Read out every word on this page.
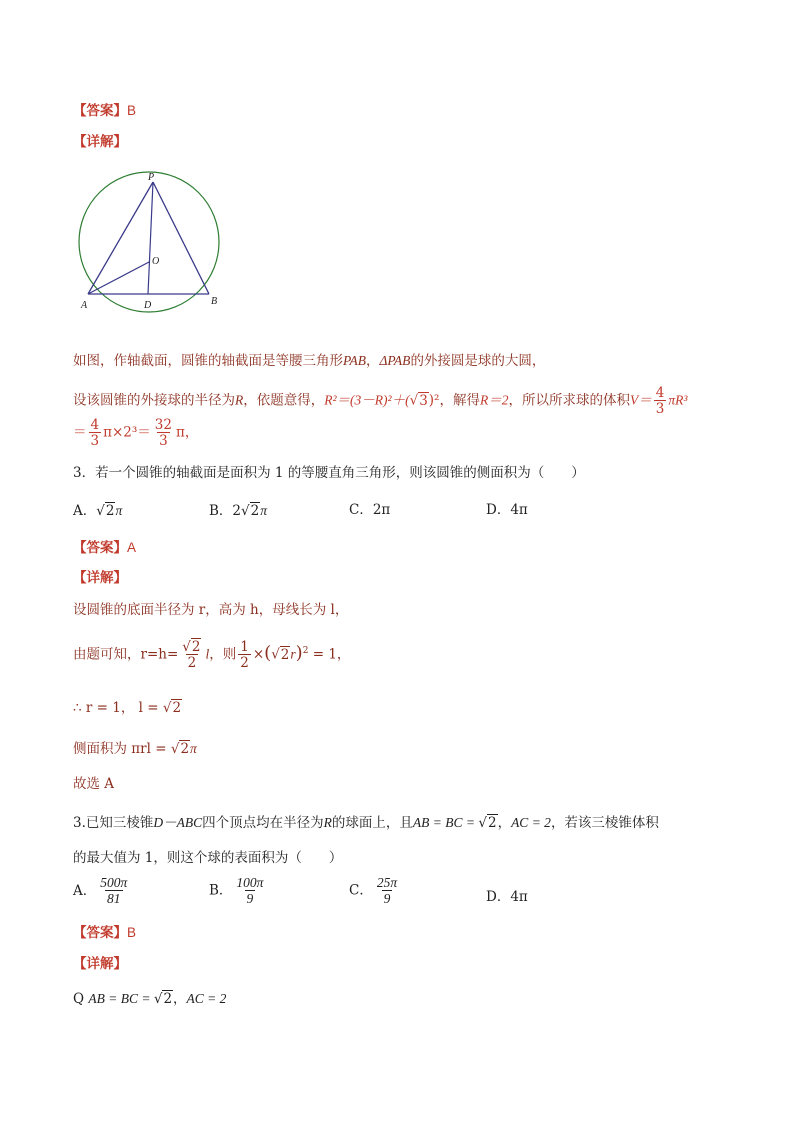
【答案】B
【详解】
P
O
A	D	B
如图，作轴截面，圆锥的轴截面是等腰三角形PAB，ΔPAB的外接圆是球的大圆，
设该圆锥的外接球的半径为R，依题意得，R²＝(3－R)²＋(√3)²，解得R＝2，所以所求球的体积$V= \frac{4}{3} \pi R^3$
＝ $\frac{4}{3} \pi\times 2^3= \frac{32}{3}$ π，
3．若一个圆锥的轴截面是面积为 1 的等腰直角三角形，则该圆锥的侧面积为（　　）
A．√2π	B．2√2π	C．2π	D．4π
【答案】A
【详解】
设圆锥的底面半径为 r，高为 h，母线长为 l，
由题可知，$r=h= \frac{√2}{2}$ l，则 $\frac{1}{2} \times(√2r)^2 = 1$，
∴ r = 1， l = √2
侧面积为 πrl = √2π
故选 A
3.已知三棱锥D－ABC四个顶点均在半径为R的球面上，且AB = BC = √2，AC = 2，若该三棱锥体积
的最大值为 1，则这个球的表面积为（　　）
A． $\frac{500\pi}{81}$	B． $\frac{100\pi}{9}$	C． $\frac{25\pi}{9}$	D．4π
【答案】B
【详解】
Q AB = BC = √2，AC = 2
